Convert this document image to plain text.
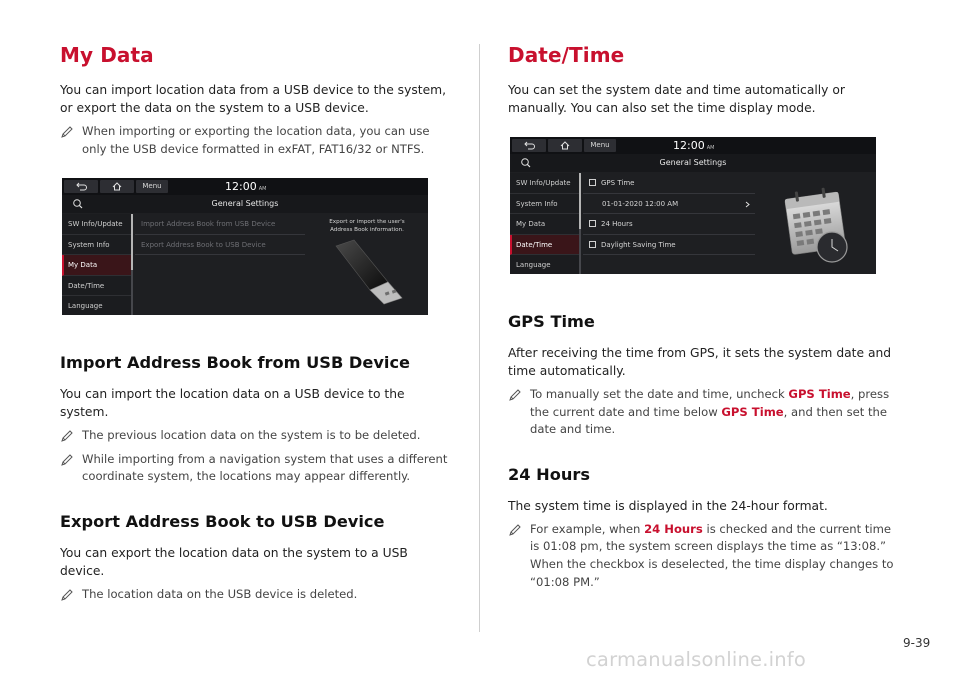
My Data

You can import location data from a USB device to the system, or export the data on the system to a USB device.

When importing or exporting the location data, you can use only the USB device formatted in exFAT, FAT16/32 or NTFS.
Menu	12:00 AM
General Settings
SW Info/Update
System Info
My Data
Date/Time
Language
Import Address Book from USB Device
Export Address Book to USB Device
Export or import the user's
Address Book information.
Import Address Book from USB Device

You can import the location data on a USB device to the system.

The previous location data on the system is to be deleted.
While importing from a navigation system that uses a different coordinate system, the locations may appear differently.
Export Address Book to USB Device

You can export the location data on the system to a USB device.

The location data on the USB device is deleted.
Date/Time

You can set the system date and time automatically or manually. You can also set the time display mode.

Menu	12:00 AM
General Settings
SW Info/Update
System Info
My Data
Date/Time
Language
GPS Time
01-01-2020 12:00 AM
24 Hours
Daylight Saving Time
GPS Time

After receiving the time from GPS, it sets the system date and time automatically.

To manually set the date and time, uncheck GPS Time, press the current date and time below GPS Time, and then set the date and time.
24 Hours

The system time is displayed in the 24-hour format.

For example, when 24 Hours is checked and the current time is 01:08 pm, the system screen displays the time as “13:08.” When the checkbox is deselected, the time display changes to “01:08 PM.”
9-39
carmanualsonline.info
